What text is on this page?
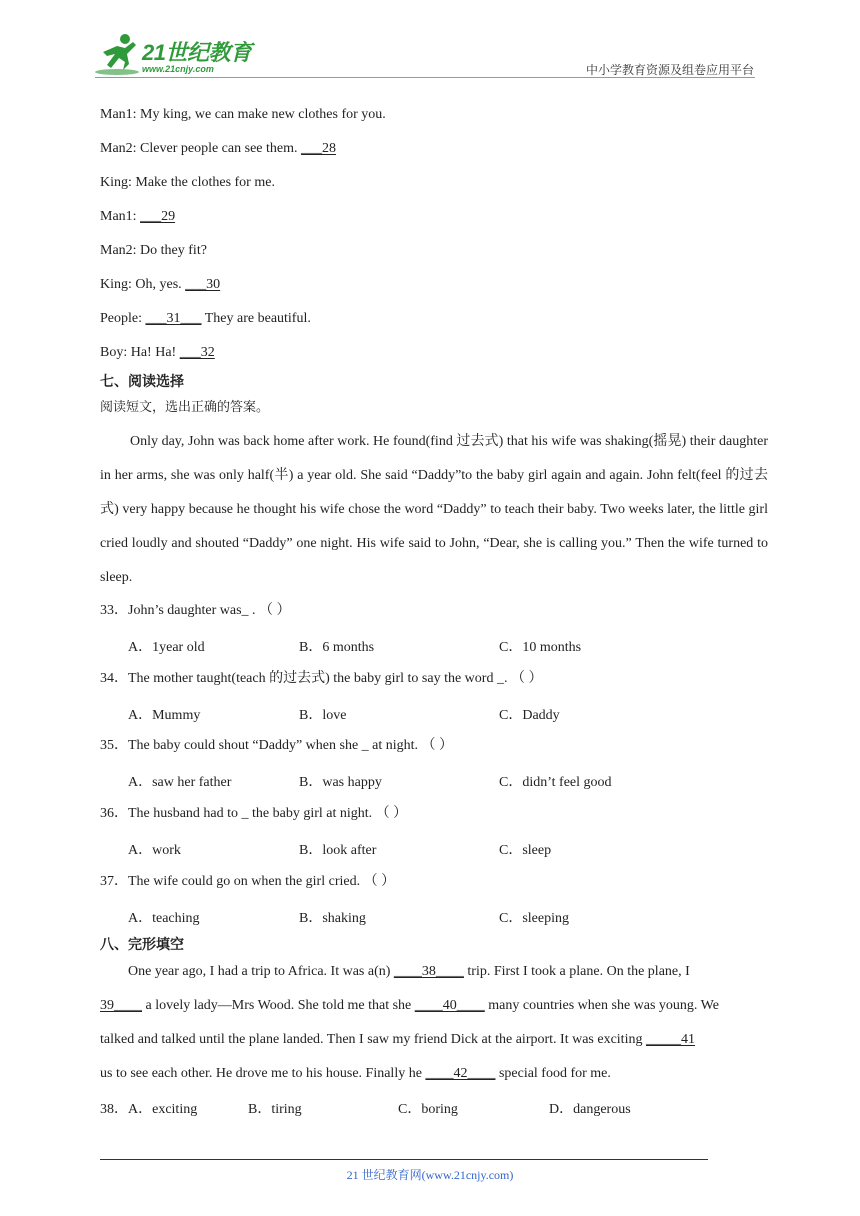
21世纪教育
www.21cnjy.com	中小学教育资源及组卷应用平台
Man1: My king, we can make new clothes for you.
Man2: Clever people can see them. ___28
King: Make the clothes for me.
Man1: ___29
Man2: Do they fit?
King: Oh, yes. ___30
People: ___31___ They are beautiful.
Boy: Ha! Ha! ___32
七、阅读选择
阅读短文，选出正确的答案。
Only day, John was back home after work. He found(find 过去式) that his wife was shaking(摇晃) their daughter in her arms, she was only half(半) a year old. She said “Daddy”to the baby girl again and again. John felt(feel 的过去式) very happy because he thought his wife chose the word “Daddy” to teach their baby. Two weeks later, the little girl cried loudly and shouted “Daddy” one night. His wife said to John, “Dear, she is calling you.” Then the wife turned to sleep.
33．John’s daughter was_ . （ ）
A．1year old	B．6 months	C．10 months
34．The mother taught(teach 的过去式) the baby girl to say the word _. （ ）
A．Mummy	B．love	C．Daddy
35．The baby could shout “Daddy” when she _ at night. （ ）
A．saw her father	B．was happy	C．didn’t feel good
36．The husband had to _ the baby girl at night. （ ）
A．work	B．look after	C．sleep
37．The wife could go on when the girl cried. （ ）
A．teaching	B．shaking	C．sleeping
八、完形填空
One year ago, I had a trip to Africa. It was a(n) ____38____ trip. First I took a plane. On the plane, I
39____ a lovely lady—Mrs Wood. She told me that she ____40____ many countries when she was young. We
talked and talked until the plane landed. Then I saw my friend Dick at the airport. It was exciting _____41
us to see each other. He drove me to his house. Finally he ____42____ special food for me.
38．A．exciting	B．tiring	C．boring	D．dangerous
21 世纪教育网(www.21cnjy.com)
